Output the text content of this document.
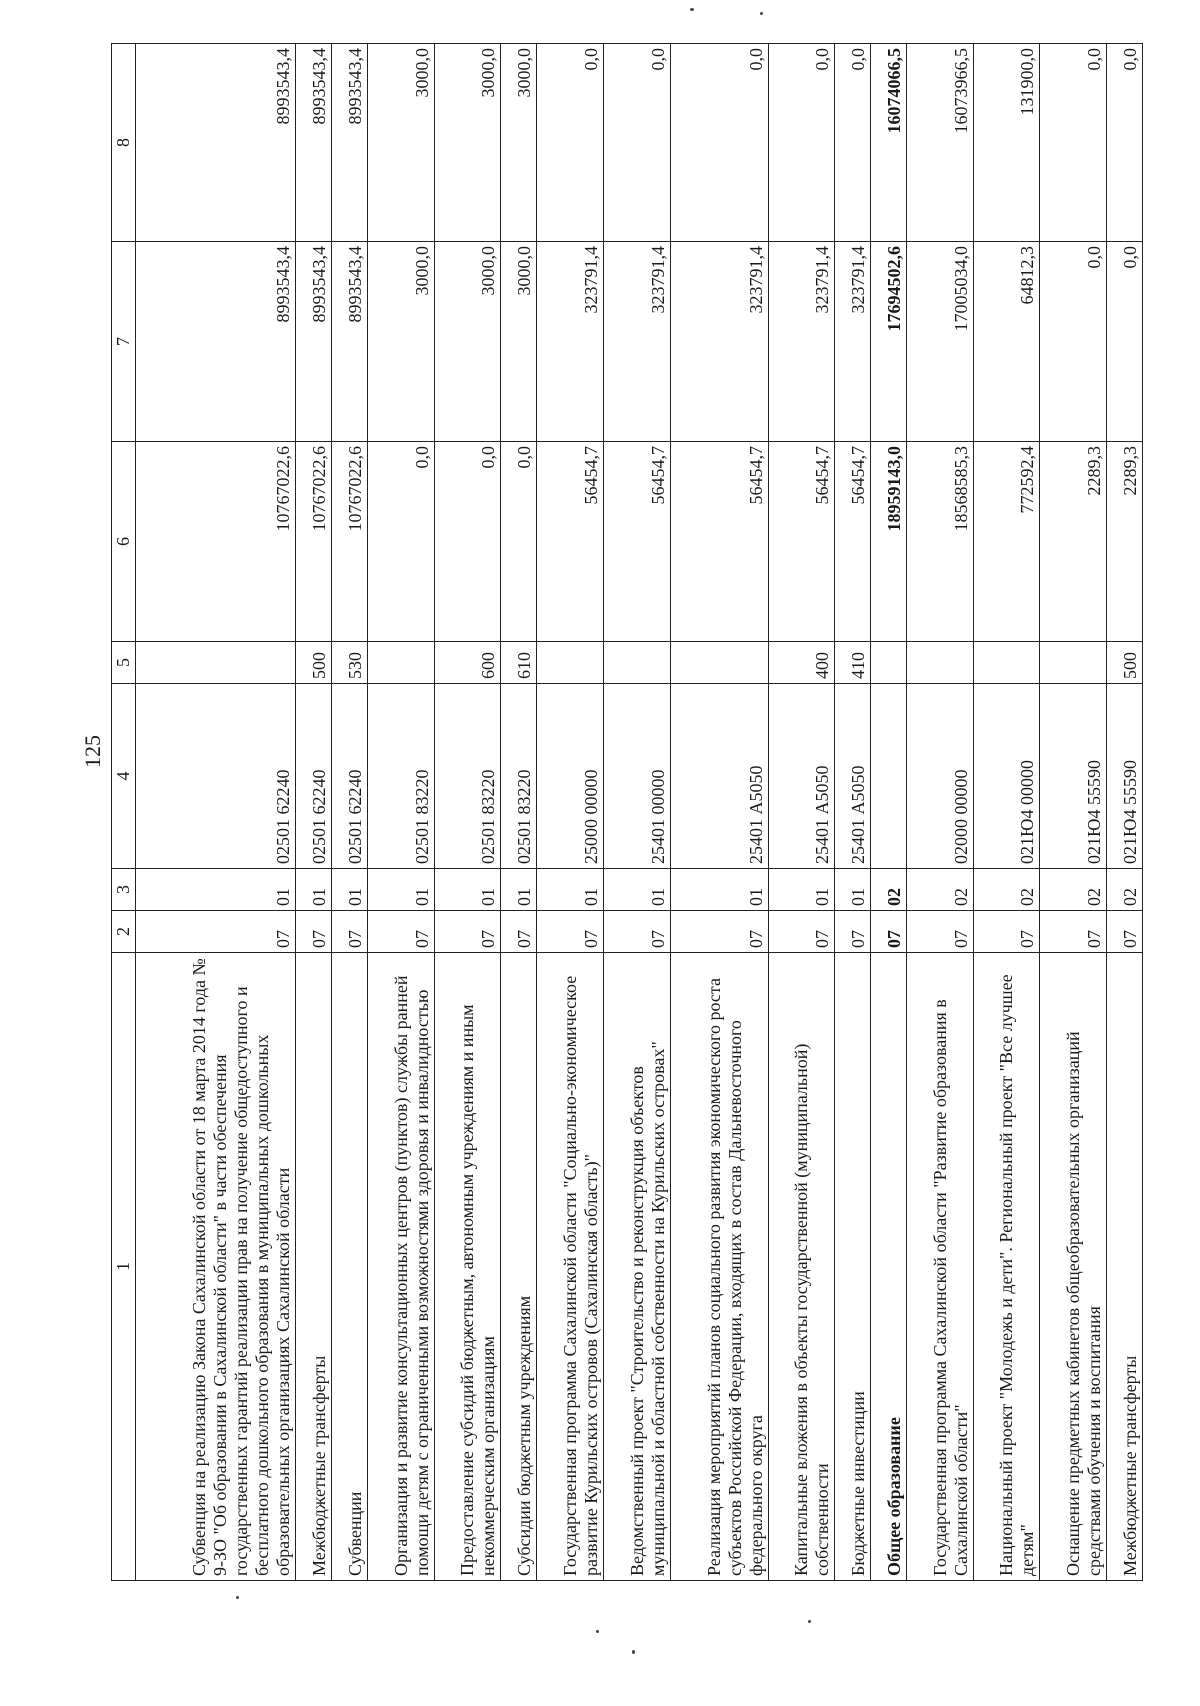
125
1	2	3	4	5	6	7	8
Субвенция на реализацию Закона Сахалинской области от 18 марта 2014 года № 9-ЗО "Об образовании в Сахалинской области" в части обеспечения государственных гарантий реализации прав на получение общедоступного и бесплатного дошкольного образования в муниципальных дошкольных образовательных организациях Сахалинской области	07	01	02501 62240		10767022,6	8993543,4	8993543,4
Межбюджетные трансферты	07	01	02501 62240	500	10767022,6	8993543,4	8993543,4
Субвенции	07	01	02501 62240	530	10767022,6	8993543,4	8993543,4
Организация и развитие консультационных центров (пунктов) службы ранней помощи детям с ограниченными возможностями здоровья и инвалидностью	07	01	02501 83220		0,0	3000,0	3000,0
Предоставление субсидий бюджетным, автономным учреждениям и иным некоммерческим организациям	07	01	02501 83220	600	0,0	3000,0	3000,0
Субсидии бюджетным учреждениям	07	01	02501 83220	610	0,0	3000,0	3000,0
Государственная программа Сахалинской области "Социально-экономическое развитие Курильских островов (Сахалинская область)"	07	01	25000 00000		56454,7	323791,4	0,0
Ведомственный проект "Строительство и реконструкция объектов муниципальной и областной собственности на Курильских островах"	07	01	25401 00000		56454,7	323791,4	0,0
Реализация мероприятий планов социального развития экономического роста субъектов Российской Федерации, входящих в состав Дальневосточного федерального округа	07	01	25401 А5050		56454,7	323791,4	0,0
Капитальные вложения в объекты государственной (муниципальной) собственности	07	01	25401 А5050	400	56454,7	323791,4	0,0
Бюджетные инвестиции	07	01	25401 А5050	410	56454,7	323791,4	0,0
Общее образование	07	02			18959143,0	17694502,6	16074066,5
Государственная программа Сахалинской области "Развитие образования в Сахалинской области"	07	02	02000 00000		18568585,3	17005034,0	16073966,5
Национальный проект "Молодежь и дети". Региональный проект "Все лучшее детям"	07	02	021Ю4 00000		772592,4	64812,3	131900,0
Оснащение предметных кабинетов общеобразовательных организаций средствами обучения и воспитания	07	02	021Ю4 55590		2289,3	0,0	0,0
Межбюджетные трансферты	07	02	021Ю4 55590	500	2289,3	0,0	0,0
